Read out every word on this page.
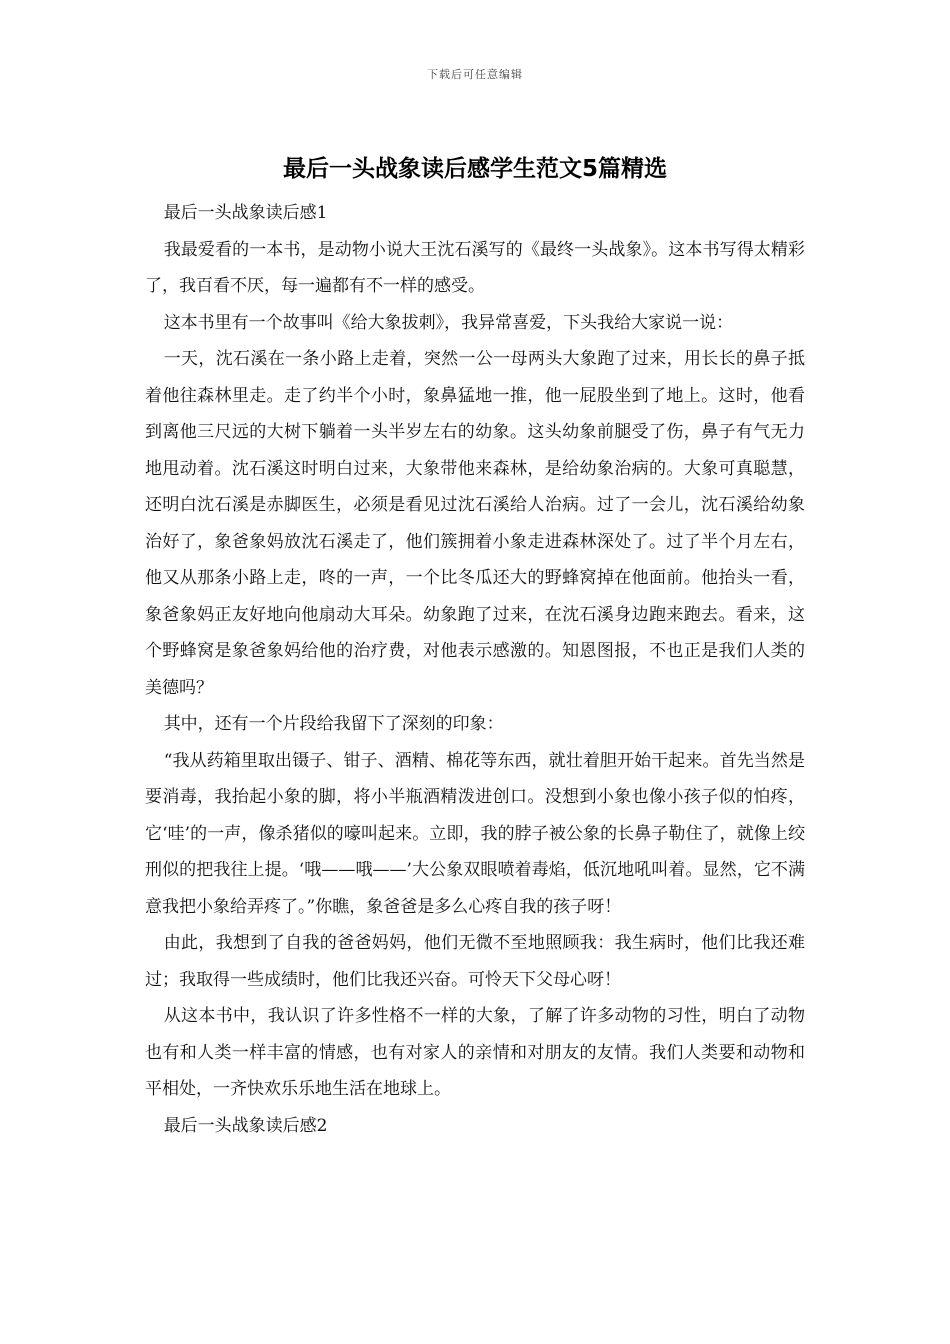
下载后可任意编辑
最后一头战象读后感学生范文5篇精选

最后一头战象读后感1

我最爱看的一本书，是动物小说大王沈石溪写的《最终一头战象》。这本书写得太精彩了，我百看不厌，每一遍都有不一样的感受。

这本书里有一个故事叫《给大象拔刺》，我异常喜爱，下头我给大家说一说：

一天，沈石溪在一条小路上走着，突然一公一母两头大象跑了过来，用长长的鼻子抵着他往森林里走。走了约半个小时，象鼻猛地一推，他一屁股坐到了地上。这时，他看到离他三尺远的大树下躺着一头半岁左右的幼象。这头幼象前腿受了伤，鼻子有气无力地甩动着。沈石溪这时明白过来，大象带他来森林，是给幼象治病的。大象可真聪慧，还明白沈石溪是赤脚医生，必须是看见过沈石溪给人治病。过了一会儿，沈石溪给幼象治好了，象爸象妈放沈石溪走了，他们簇拥着小象走进森林深处了。过了半个月左右，他又从那条小路上走，咚的一声，一个比冬瓜还大的野蜂窝掉在他面前。他抬头一看，象爸象妈正友好地向他扇动大耳朵。幼象跑了过来，在沈石溪身边跑来跑去。看来，这个野蜂窝是象爸象妈给他的治疗费，对他表示感激的。知恩图报，不也正是我们人类的美德吗？

其中，还有一个片段给我留下了深刻的印象：

“我从药箱里取出镊子、钳子、酒精、棉花等东西，就壮着胆开始干起来。首先当然是要消毒，我抬起小象的脚，将小半瓶酒精泼进创口。没想到小象也像小孩子似的怕疼，它‘哇’的一声，像杀猪似的嚎叫起来。立即，我的脖子被公象的长鼻子勒住了，就像上绞刑似的把我往上提。‘哦——哦——’大公象双眼喷着毒焰，低沉地吼叫着。显然，它不满意我把小象给弄疼了。”你瞧，象爸爸是多么心疼自我的孩子呀！

由此，我想到了自我的爸爸妈妈，他们无微不至地照顾我：我生病时，他们比我还难过；我取得一些成绩时，他们比我还兴奋。可怜天下父母心呀！

从这本书中，我认识了许多性格不一样的大象，了解了许多动物的习性，明白了动物也有和人类一样丰富的情感，也有对家人的亲情和对朋友的友情。我们人类要和动物和平相处，一齐快欢乐乐地生活在地球上。

最后一头战象读后感2
